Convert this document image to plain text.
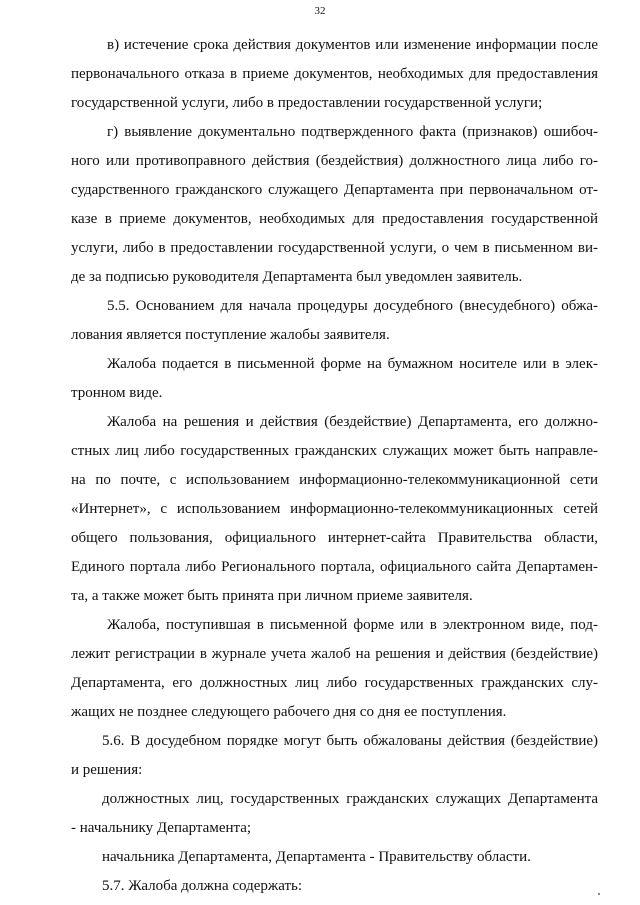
32
в) истечение срока действия документов или изменение информации после
первоначального отказа в приеме документов, необходимых для предоставления
государственной услуги, либо в предоставлении государственной услуги;
г) выявление документально подтвержденного факта (признаков) ошибоч-
ного или противоправного действия (бездействия) должностного лица либо го-
сударственного гражданского служащего Департамента при первоначальном от-
казе в приеме документов, необходимых для предоставления государственной
услуги, либо в предоставлении государственной услуги, о чем в письменном ви-
де за подписью руководителя Департамента был уведомлен заявитель.
5.5. Основанием для начала процедуры досудебного (внесудебного) обжа-
лования является поступление жалобы заявителя.
Жалоба подается в письменной форме на бумажном носителе или в элек-
тронном виде.
Жалоба на решения и действия (бездействие) Департамента, его должно-
стных лиц либо государственных гражданских служащих может быть направле-
на по почте, с использованием информационно-телекоммуникационной сети
«Интернет», с использованием информационно-телекоммуникационных сетей
общего пользования, официального интернет-сайта Правительства области,
Единого портала либо Регионального портала, официального сайта Департамен-
та, а также может быть принята при личном приеме заявителя.
Жалоба, поступившая в письменной форме или в электронном виде, под-
лежит регистрации в журнале учета жалоб на решения и действия (бездействие)
Департамента, его должностных лиц либо государственных гражданских слу-
жащих не позднее следующего рабочего дня со дня ее поступления.
5.6. В досудебном порядке могут быть обжалованы действия (бездействие)
и решения:
должностных лиц, государственных гражданских служащих Департамента
- начальнику Департамента;
начальника Департамента, Департамента - Правительству области.
5.7. Жалоба должна содержать:
